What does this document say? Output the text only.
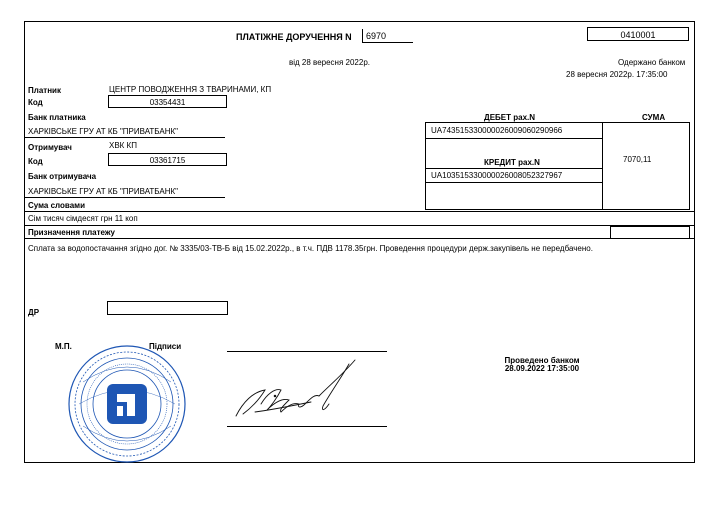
ПЛАТІЖНЕ ДОРУЧЕННЯ N	6970	0410001
від 28 вересня 2022р.	Одержано банком
28 вересня 2022р. 17:35:00
Платник	ЦЕНТР ПОВОДЖЕННЯ З ТВАРИНАМИ, КП
Код	03354431
Банк платника
ХАРКІВСЬКЕ ГРУ АТ КБ "ПРИВАТБАНК"
ДЕБЕТ рах.N	СУМА
UA743515330000026009060290966
КРЕДИТ рах.N
UA103515330000026008052327967
7070,11
Отримувач	ХВК КП
Код	03361715
Банк отримувача
ХАРКІВСЬКЕ ГРУ АТ КБ "ПРИВАТБАНК"
Сума словами
Сім тисяч сімдесят грн 11 коп
Призначення платежу
Сплата за водопостачання згідно дог. № 3335/03-ТВ-Б від 15.02.2022р., в т.ч. ПДВ 1178.35грн. Проведення процедури держ.закупівель не передбачено.
ДР
М.П.	Підписи
Проведено банком
28.09.2022 17:35:00
